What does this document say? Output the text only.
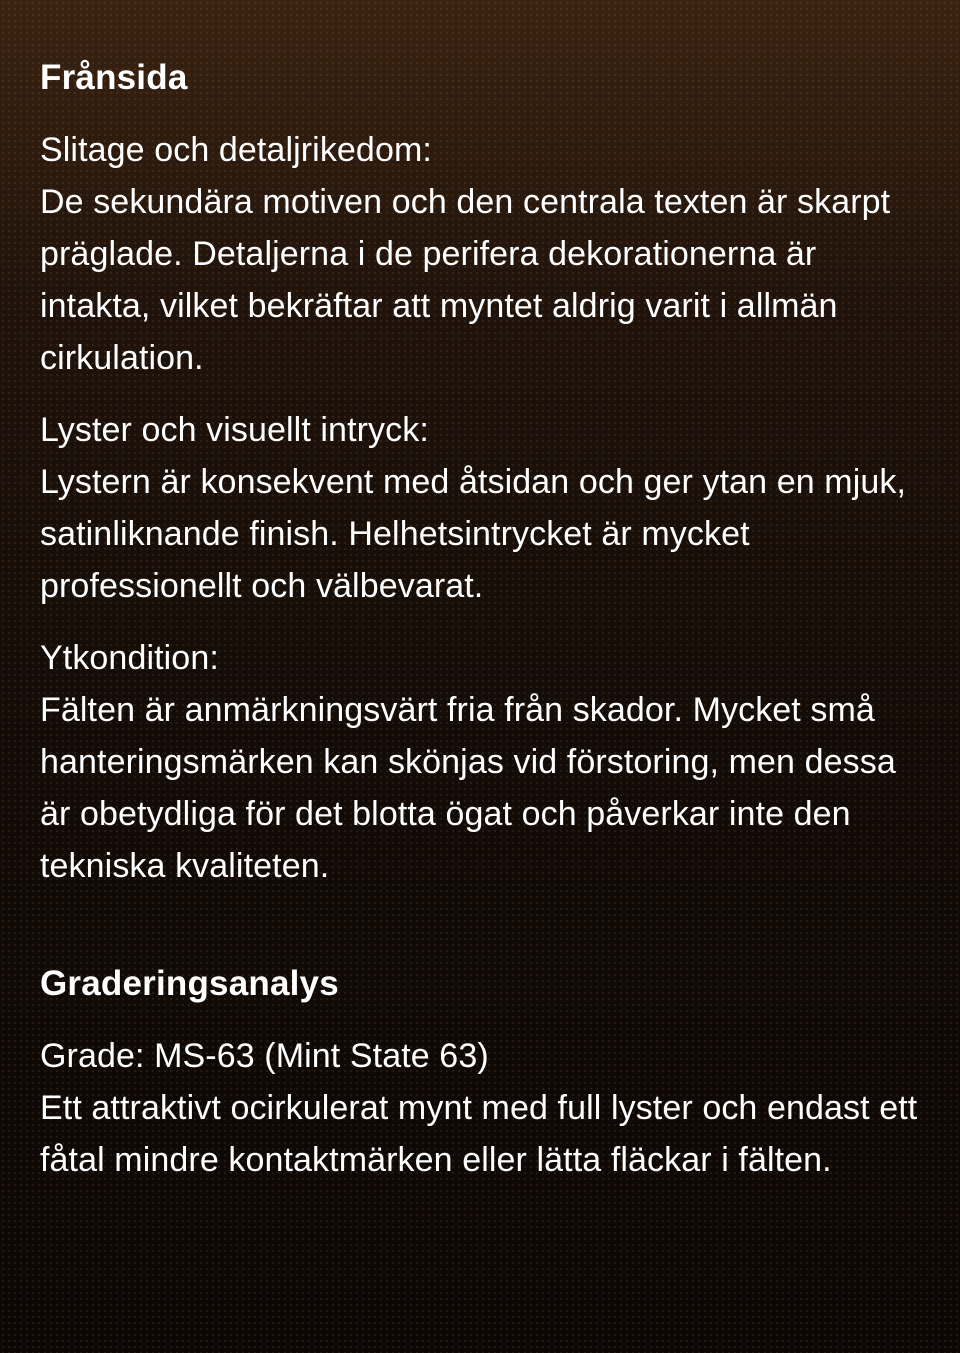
Frånsida

Slitage och detaljrikedom:
De sekundära motiven och den centrala texten är skarpt präglade. Detaljerna i de perifera dekorationerna är intakta, vilket bekräftar att myntet aldrig varit i allmän cirkulation.

Lyster och visuellt intryck:
Lystern är konsekvent med åtsidan och ger ytan en mjuk, satinliknande finish. Helhetsintrycket är mycket professionellt och välbevarat.

Ytkondition:
Fälten är anmärkningsvärt fria från skador. Mycket små hanteringsmärken kan skönjas vid förstoring, men dessa är obetydliga för det blotta ögat och påverkar inte den tekniska kvaliteten.

Graderingsanalys

Grade: MS-63 (Mint State 63)
Ett attraktivt ocirkulerat mynt med full lyster och endast ett fåtal mindre kontaktmärken eller lätta fläckar i fälten.
